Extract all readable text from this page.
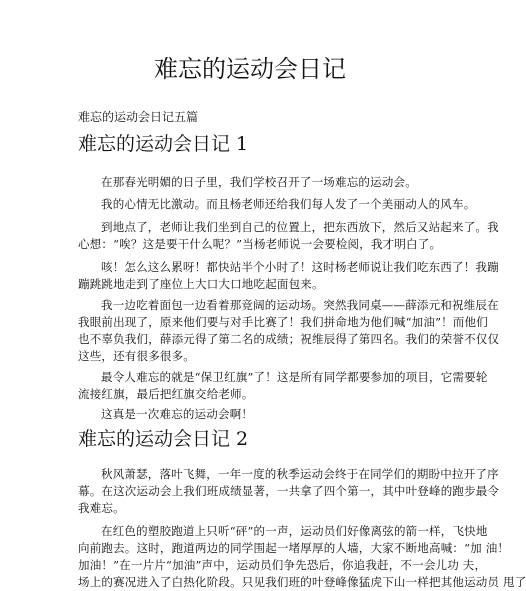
难忘的运动会日记

难忘的运动会日记五篇

难忘的运动会日记 1

在那春光明媚的日子里，我们学校召开了一场难忘的运动会。

我的心情无比激动。而且杨老师还给我们每人发了一个美丽动人的风车。

到地点了，老师让我们坐到自己的位置上，把东西放下，然后又站起来了。我
心想：“唉？这是要干什么呢？”当杨老师说一会要检阅，我才明白了。

咳！怎么这么累呀！都快站半个小时了！这时杨老师说让我们吃东西了！我蹦
蹦跳跳地走到了座位上大口大口地吃起面包来。

我一边吃着面包一边看着那竞阔的运动场。突然我同桌——薛添元和祝维辰在
我眼前出现了，原来他们要与对手比赛了！我们拼命地为他们喊“加油”！而他们
也不辜负我们，薛添元得了第二名的成绩；祝维辰得了第四名。我们的荣誉不仅仅
这些，还有很多很多。

最令人难忘的就是“保卫红旗”了！这是所有同学都要参加的项目，它需要轮
流接红旗，最后把红旗交给老师。

这真是一次难忘的运动会啊！

难忘的运动会日记 2

秋风萧瑟，落叶飞舞，一年一度的秋季运动会终于在同学们的期盼中拉开了序
幕。在这次运动会上我们班成绩显著，一共拿了四个第一，其中叶登峰的跑步最令
我难忘。

在红色的塑胶跑道上只听“砰”的一声，运动员们好像离弦的箭一样，飞快地
向前跑去。这时，跑道两边的同学围起一堵厚厚的人墙，大家不断地高喊：“加 油！
加油！”在一片片“加油”声中，运动员们争先恐后，你追我赶，不一会儿功 夫，
场上的赛况进入了白热化阶段。只见我们班的叶登峰像猛虎下山一样把其他运动员 甩了
